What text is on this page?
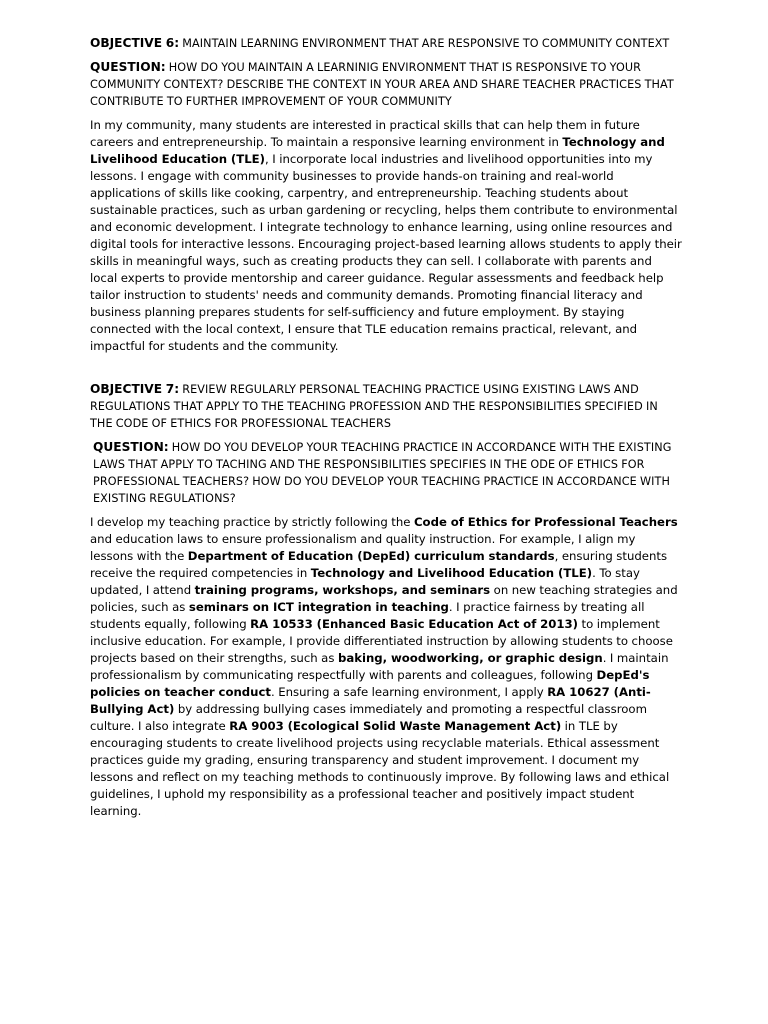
OBJECTIVE 6: MAINTAIN LEARNING ENVIRONMENT THAT ARE RESPONSIVE TO COMMUNITY CONTEXT

QUESTION: HOW DO YOU MAINTAIN A LEARNINIG ENVIRONMENT THAT IS RESPONSIVE TO YOUR COMMUNITY CONTEXT? DESCRIBE THE CONTEXT IN YOUR AREA AND SHARE TEACHER PRACTICES THAT CONTRIBUTE TO FURTHER IMPROVEMENT OF YOUR COMMUNITY

In my community, many students are interested in practical skills that can help them in future careers and entrepreneurship. To maintain a responsive learning environment in Technology and Livelihood Education (TLE), I incorporate local industries and livelihood opportunities into my lessons. I engage with community businesses to provide hands-on training and real-world applications of skills like cooking, carpentry, and entrepreneurship. Teaching students about sustainable practices, such as urban gardening or recycling, helps them contribute to environmental and economic development. I integrate technology to enhance learning, using online resources and digital tools for interactive lessons. Encouraging project-based learning allows students to apply their skills in meaningful ways, such as creating products they can sell. I collaborate with parents and local experts to provide mentorship and career guidance. Regular assessments and feedback help tailor instruction to students' needs and community demands. Promoting financial literacy and business planning prepares students for self-sufficiency and future employment. By staying connected with the local context, I ensure that TLE education remains practical, relevant, and impactful for students and the community.

OBJECTIVE 7: REVIEW REGULARLY PERSONAL TEACHING PRACTICE USING EXISTING LAWS AND REGULATIONS THAT APPLY TO THE TEACHING PROFESSION AND THE RESPONSIBILITIES SPECIFIED IN THE CODE OF ETHICS FOR PROFESSIONAL TEACHERS

QUESTION: HOW DO YOU DEVELOP YOUR TEACHING PRACTICE IN ACCORDANCE WITH THE EXISTING LAWS THAT APPLY TO TACHING AND THE RESPONSIBILITIES SPECIFIES IN THE ODE OF ETHICS FOR PROFESSIONAL TEACHERS? HOW DO YOU DEVELOP YOUR TEACHING PRACTICE IN ACCORDANCE WITH EXISTING REGULATIONS?

I develop my teaching practice by strictly following the Code of Ethics for Professional Teachers and education laws to ensure professionalism and quality instruction. For example, I align my lessons with the Department of Education (DepEd) curriculum standards, ensuring students receive the required competencies in Technology and Livelihood Education (TLE). To stay updated, I attend training programs, workshops, and seminars on new teaching strategies and policies, such as seminars on ICT integration in teaching. I practice fairness by treating all students equally, following RA 10533 (Enhanced Basic Education Act of 2013) to implement inclusive education. For example, I provide differentiated instruction by allowing students to choose projects based on their strengths, such as baking, woodworking, or graphic design. I maintain professionalism by communicating respectfully with parents and colleagues, following DepEd's policies on teacher conduct. Ensuring a safe learning environment, I apply RA 10627 (Anti-Bullying Act) by addressing bullying cases immediately and promoting a respectful classroom culture. I also integrate RA 9003 (Ecological Solid Waste Management Act) in TLE by encouraging students to create livelihood projects using recyclable materials. Ethical assessment practices guide my grading, ensuring transparency and student improvement. I document my lessons and reflect on my teaching methods to continuously improve. By following laws and ethical guidelines, I uphold my responsibility as a professional teacher and positively impact student learning.
